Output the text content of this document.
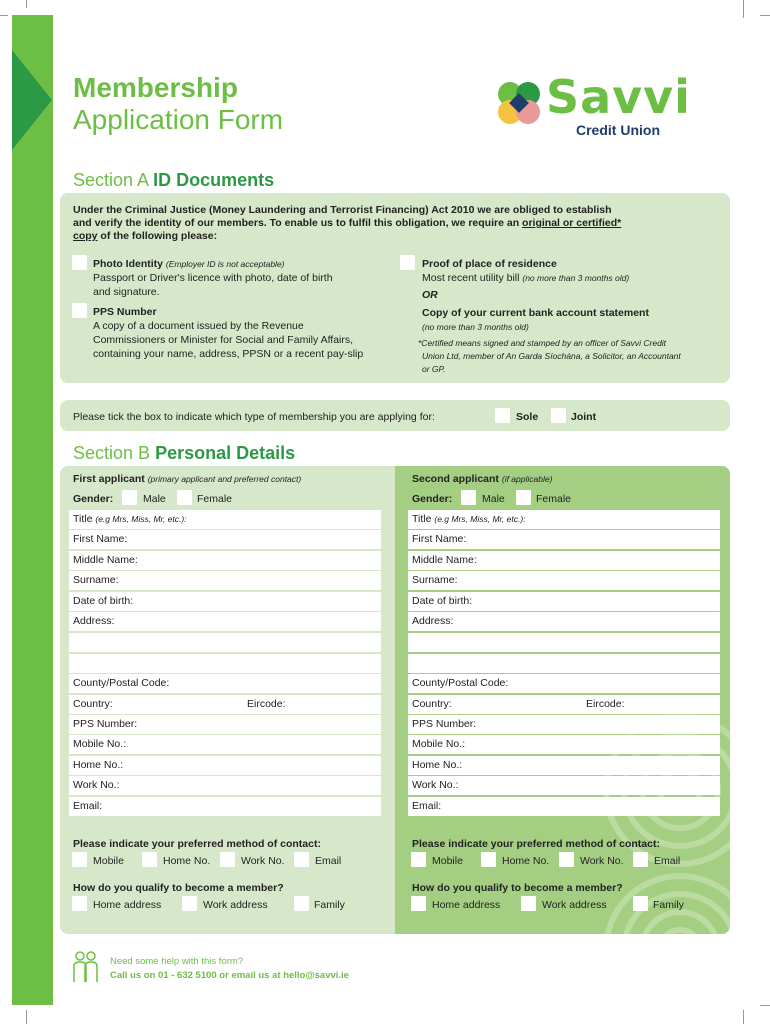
Membership
Application Form	Savvi
Credit Union
Section A ID Documents
Under the Criminal Justice (Money Laundering and Terrorist Financing) Act 2010 we are obliged to establish
and verify the identity of our members. To enable us to fulfil this obligation, we require an original or certified*
copy of the following please:
Photo Identity (Employer ID is not acceptable)
Passport or Driver's licence with photo, date of birth
and signature.
PPS Number
A copy of a document issued by the Revenue
Commissioners or Minister for Social and Family Affairs,
containing your name, address, PPSN or a recent pay-slip
Proof of place of residence
Most recent utility bill (no more than 3 months old)
OR
Copy of your current bank account statement
(no more than 3 months old)
*Certified means signed and stamped by an officer of Savvi Credit
Union Ltd, member of An Garda Síochána, a Solicitor, an Accountant
or GP.
Please tick the box to indicate which type of membership you are applying for:	Sole	Joint
Section B Personal Details
First applicant (primary applicant and preferred contact)
Gender:	Male	Female
Title (e.g Mrs, Miss, Mr, etc.):
First Name:
Middle Name:
Surname:
Date of birth:
Address:
County/Postal Code:
Country:	Eircode:
PPS Number:
Mobile No.:
Home No.:
Work No.:
Email:
Please indicate your preferred method of contact:
Mobile	Home No.	Work No.	Email
How do you qualify to become a member?
Home address	Work address	Family
Second applicant (if applicable)
Gender:	Male	Female
Title (e.g Mrs, Miss, Mr, etc.):
First Name:
Middle Name:
Surname:
Date of birth:
Address:
County/Postal Code:
Country:	Eircode:
PPS Number:
Mobile No.:
Home No.:
Work No.:
Email:
Please indicate your preferred method of contact:
Mobile	Home No.	Work No.	Email
How do you qualify to become a member?
Home address	Work address	Family
Need some help with this form?
Call us on 01 - 632 5100 or email us at hello@savvi.ie
